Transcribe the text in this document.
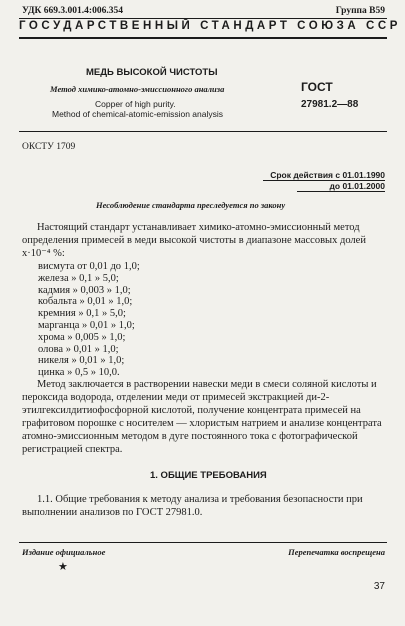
УДК 669.3.001.4:006.354	Группа В59
ГОСУДАРСТВЕННЫЙ СТАНДАРТ СОЮЗА ССР
МЕДЬ ВЫСОКОЙ ЧИСТОТЫ
Метод химико-атомно-эмиссионного анализа
Copper of high purity.
Method of chemical-atomic-emission analysis
ГОСТ
27981.2—88
ОКСТУ 1709
Срок действия с 01.01.1990
до 01.01.2000
Несоблюдение стандарта преследуется по закону
Настоящий стандарт устанавливает химико-атомно-эмиссионный метод определения примесей в меди высокой чистоты в диапазоне массовых долей x·10⁻⁴ %:
висмута от 0,01 до 1,0;
железа » 0,1 » 5,0;
кадмия » 0,003 » 1,0;
кобальта » 0,01 » 1,0;
кремния » 0,1 » 5,0;
марганца » 0,01 » 1,0;
хрома » 0,005 » 1,0;
олова » 0,01 » 1,0;
никеля » 0,01 » 1,0;
цинка » 0,5 » 10,0.
Метод заключается в растворении навески меди в смеси соляной кислоты и пероксида водорода, отделении меди от примесей экстракцией ди-2-этилгексилдитиофосфорной кислотой, получение концентрата примесей на графитовом порошке с носителем — хлористым натрием и анализе концентрата атомно-эмиссионным методом в дуге постоянного тока с фотографической регистрацией спектра.
1. ОБЩИЕ ТРЕБОВАНИЯ
1.1. Общие требования к методу анализа и требования безопасности при выполнении анализов по ГОСТ 27981.0.
Издание официальное	Перепечатка воспрещена
★
37
